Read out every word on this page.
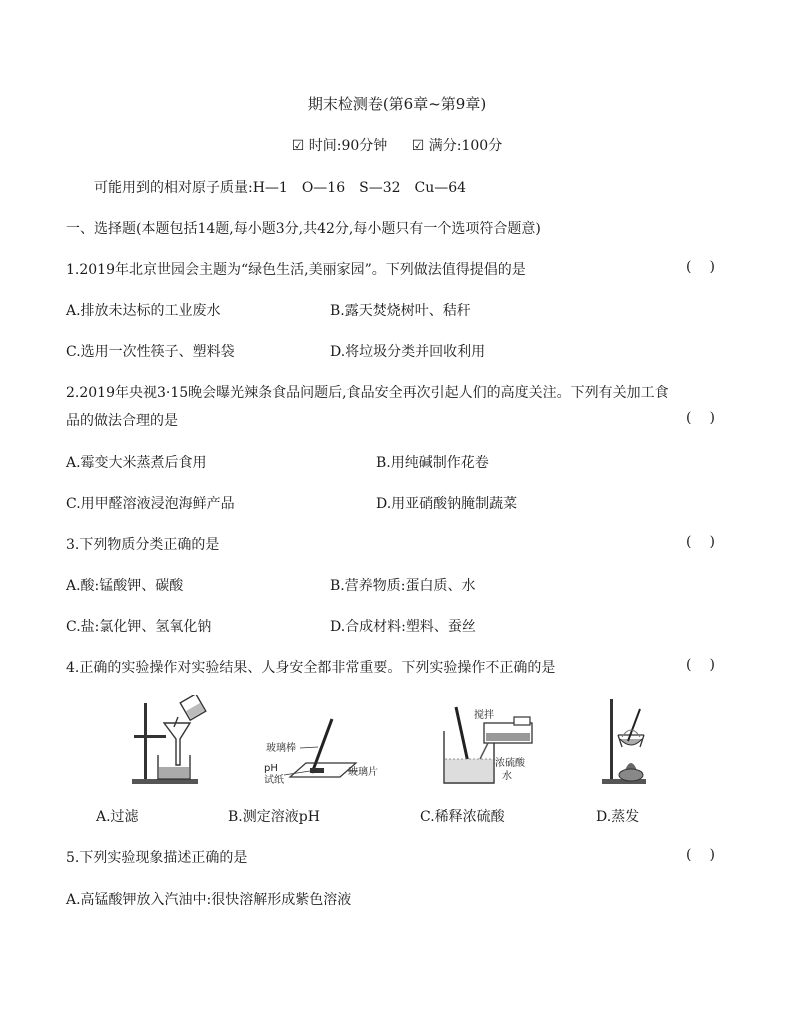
期末检测卷(第6章~第9章)
☑ 时间:90分钟 ☑ 满分:100分
可能用到的相对原子质量:H—1　O—16　S—32　Cu—64
一、选择题(本题包括14题,每小题3分,共42分,每小题只有一个选项符合题意)
1.2019年北京世园会主题为“绿色生活,美丽家园”。下列做法值得提倡的是	()
A.排放未达标的工业废水	B.露天焚烧树叶、秸秆
C.选用一次性筷子、塑料袋	D.将垃圾分类并回收利用
2.2019年央视3·15晚会曝光辣条食品问题后,食品安全再次引起人们的高度关注。下列有关加工食
品的做法合理的是	()
A.霉变大米蒸煮后食用	B.用纯碱制作花卷
C.用甲醛溶液浸泡海鲜产品	D.用亚硝酸钠腌制蔬菜
3.下列物质分类正确的是	()
A.酸:锰酸钾、碳酸	B.营养物质:蛋白质、水
C.盐:氯化钾、氢氧化钠	D.合成材料:塑料、蚕丝
4.正确的实验操作对实验结果、人身安全都非常重要。下列实验操作不正确的是	()
玻璃棒
pH
试纸
玻璃片
搅拌
浓硫酸
水
A.过滤	B.测定溶液pH	C.稀释浓硫酸	D.蒸发
5.下列实验现象描述正确的是	()
A.高锰酸钾放入汽油中:很快溶解形成紫色溶液
